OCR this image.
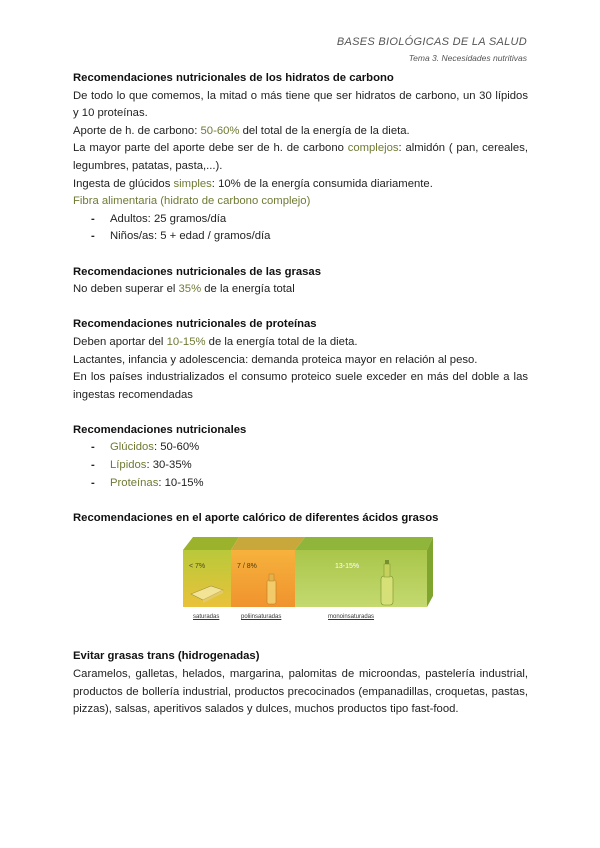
BASES BIOLÓGICAS DE LA SALUD
Tema 3. Necesidades nutritivas

Recomendaciones nutricionales de los hidratos de carbono

De todo lo que comemos, la mitad o más tiene que ser hidratos de carbono, un 30 lípidos y 10 proteínas.

Aporte de h. de carbono: 50-60% del total de la energía de la dieta.

La mayor parte del aporte debe ser de h. de carbono complejos: almidón ( pan, cereales, legumbres, patatas, pasta,...).

Ingesta de glúcidos simples: 10% de la energía consumida diariamente.

Fibra alimentaria (hidrato de carbono complejo)

- Adultos: 25 gramos/día
- Niños/as: 5 + edad / gramos/día

Recomendaciones nutricionales de las grasas

No deben superar el 35% de la energía total

Recomendaciones nutricionales de proteínas

Deben aportar del 10-15% de la energía total de la dieta.

Lactantes, infancia y adolescencia: demanda proteica mayor en relación al peso.

En los países industrializados el consumo proteico suele exceder en más del doble a las ingestas recomendadas

Recomendaciones nutricionales

- Glúcidos: 50-60%
- Lípidos: 30-35%
- Proteínas: 10-15%

Recomendaciones en el aporte calórico de diferentes ácidos grasos

< 7%	7 / 8%	13-15%
saturadas	poliinsaturadas	monoinsaturadas

Evitar grasas trans (hidrogenadas)

Caramelos, galletas, helados, margarina, palomitas de microondas, pastelería industrial, productos de bollería industrial, productos precocinados (empanadillas, croquetas, pastas, pizzas), salsas, aperitivos salados y dulces, muchos productos tipo fast-food.
